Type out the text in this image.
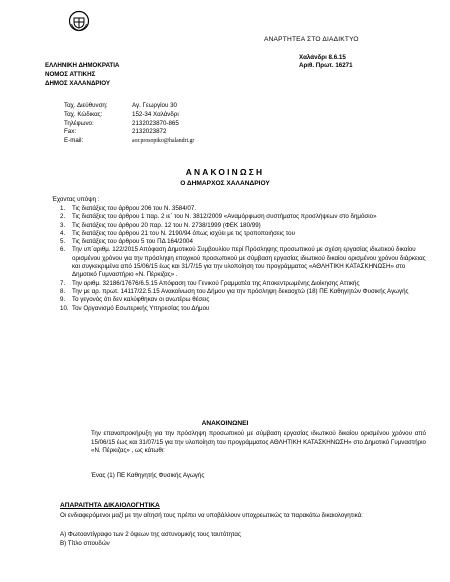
ΑΝΑΡΤΗΤΕΑ ΣΤΟ ΔΙΑΔΙΚΤΥΟ
ΕΛΛΗΝΙΚΗ ΔΗΜΟΚΡΑΤΙΑ
ΝΟΜΟΣ ΑΤΤΙΚΗΣ
ΔΗΜΟΣ ΧΑΛΑΝΔΡΙΟΥ
Χαλάνδρι 8.6.15
Αριθ. Πρωτ. 16271
Ταχ. Διεύθυνση:	Αγ. Γεωργίου 30
Ταχ. Κώδικας:	152-34 Χαλάνδρι
Τηλέφωνο:	2132023870-865
Fax:	2132023872
E-mail:	aor.prosopiko@halandri.gr
ΑΝΑΚΟΙΝΩΣΗ
Ο ΔΗΜΑΡΧΟΣ ΧΑΛΑΝΔΡΙΟΥ
Έχοντας υπόψη :
1.	Τις διατάξεις του άρθρου 206 του Ν. 3584/07.
2.	Τις διατάξεις του άρθρου 1 παρ. 2 ιε΄ του Ν. 3812/2009 «Αναμόρφωση συστήματος προσλήψεων στο δημόσιο»
3.	Τις διατάξεις του άρθρου 20 παρ. 12 του Ν. 2738/1999 (ΦΕΚ 180/99)
4.	Τις διατάξεις του άρθρου 21 του Ν. 2190/94 όπως ισχύει με τις τροποποιήσεις του
5.	Τις διατάξεις του άρθρου 5 του ΠΔ 164/2004
6.	Την υπ΄αριθμ. 122/2015 Απόφαση Δημοτικού Συμβουλίου περί Πρόσληψης προσωπικού με σχέση εργασίας ιδιωτικού δικαίου ορισμένου χρόνου για την πρόσληψη εποχικού προσωπικού με σύμβαση εργασίας ιδιωτικού δικαίου ορισμένου χρόνου διάρκειας και συγκεκριμένα από 15/06/15 έως και 31/7/15 για την υλοποίηση του προγράμματος «ΑΘΛΗΤΙΚΗ ΚΑΤΑΣΚΗΝΩΣΗ» στο Δημοτικό Γυμναστήριο «Ν. Πέρκιζας» .
7.	Την αριθμ. 32186/17676/6.5.15 Απόφαση του Γενικού Γραμματέα της Αποκεντρωμένης Διοίκησης Αττικής
8.	Την με αρ. πρωτ. 14117/22.5.15 Ανακοίνωση του Δήμου για την πρόσληψη δεκαοχτώ (18) ΠΕ Καθηγητών Φυσικής Αγωγής
9.	Το γεγονός ότι δεν καλύφθηκαν οι ανωτέρω θέσεις
10. Τον Οργανισμό Εσωτερικής Υπηρεσίας του Δήμου
ΑΝΑΚΟΙΝΩΝΕΙ
Την επαναπροκήρυξη για την πρόσληψη προσωπικού με σύμβαση εργασίας ιδιωτικού δικαίου ορισμένου χρόνου από 15/06/15 έως και 31/07/15 για την υλοποίηση του προγράμματος ΑΘΛΗΤΙΚΗ ΚΑΤΑΣΚΗΝΩΣΗ» στο Δημοτικό Γυμναστήριο «Ν. Πέρκιζας» , ως κάτωθι:
Ένας (1) ΠΕ Καθηγητής Φυσικής Αγωγής
ΑΠΑΡΑΙΤΗΤΑ ΔΙΚΑΙΟΛΟΓΗΤΙΚΑ
Οι ενδιαφερόμενοι μαζί με την αίτησή τους πρέπει να υποβάλλουν υποχρεωτικώς τα παρακάτω δικαιολογητικά:
Α) Φωτοαντίγραφο των 2 όψεων της αστυνομικής τους ταυτότητας
Β) Τίτλο σπουδών
